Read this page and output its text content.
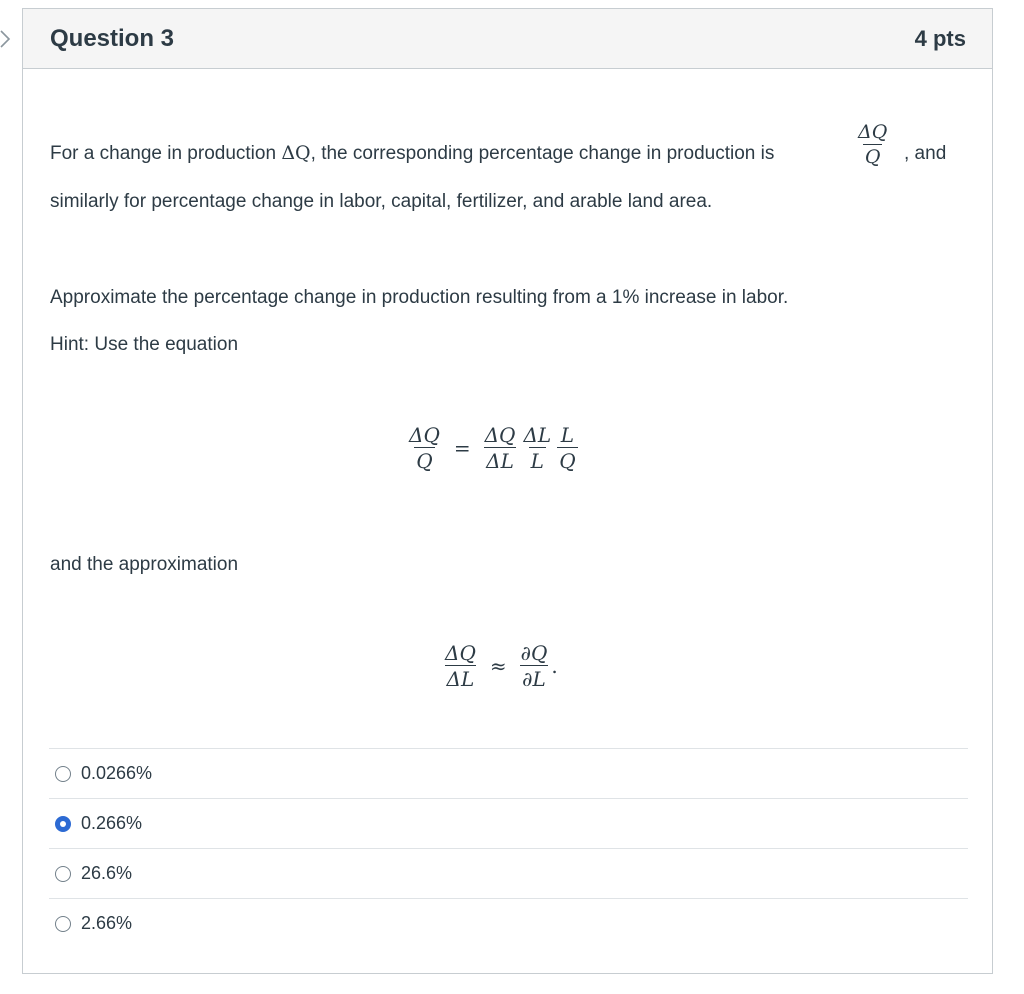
Question 3	4 pts
For a change in production ΔQ, the corresponding percentage change in production is	$\frac{\Delta Q}{Q}$ , and
similarly for percentage change in labor, capital, fertilizer, and arable land area.
Approximate the percentage change in production resulting from a 1% increase in labor.
Hint: Use the equation
$\frac{\Delta Q}{Q} = \frac{\Delta Q}{\Delta L} \frac{\Delta L}{L} \frac{L}{Q}$
and the approximation
$\frac{\Delta Q}{\Delta L} \approx \frac{\partial Q}{\partial L}$ .
0.0266%
0.266%
26.6%
2.66%
